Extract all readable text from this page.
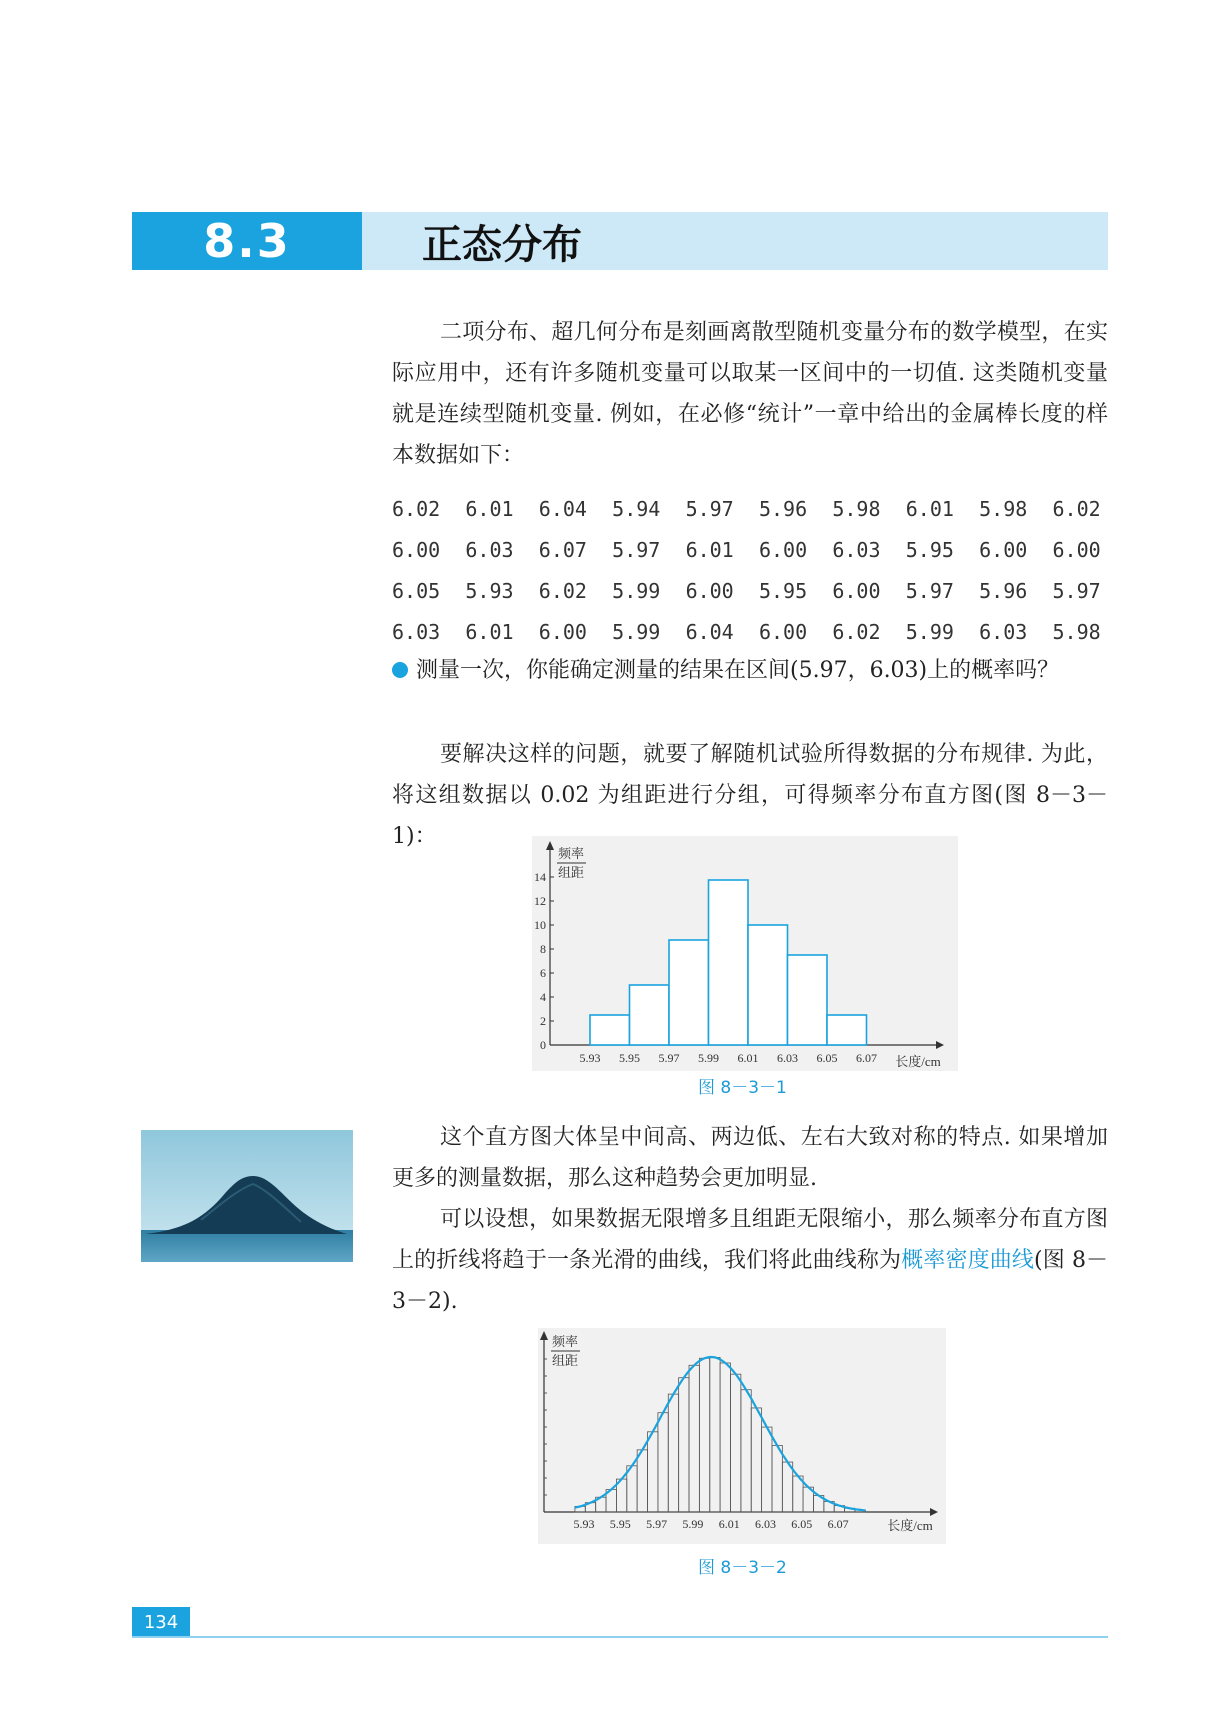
8.3	正态分布

二项分布、超几何分布是刻画离散型随机变量分布的数学模型，在实际应用中，还有许多随机变量可以取某一区间中的一切值. 这类随机变量就是连续型随机变量. 例如，在必修“统计”一章中给出的金属棒长度的样本数据如下：

6.02	6.01	6.04	5.94	5.97	5.96	5.98	6.01	5.98	6.02
6.00	6.03	6.07	5.97	6.01	6.00	6.03	5.95	6.00	6.00
6.05	5.93	6.02	5.99	6.00	5.95	6.00	5.97	5.96	5.97
6.03	6.01	6.00	5.99	6.04	6.00	6.02	5.99	6.03	5.98

测量一次，你能确定测量的结果在区间(5.97，6.03)上的概率吗？

要解决这样的问题，就要了解随机试验所得数据的分布规律. 为此，将这组数据以 0.02 为组距进行分组，可得频率分布直方图(图 8－3－1)：

0
2
4
6
8
10
12
14
频率
组距
5.93 5.95 5.97 5.99 6.01 6.03 6.05 6.07 长度/cm
图 8－3－1

这个直方图大体呈中间高、两边低、左右大致对称的特点. 如果增加更多的测量数据，那么这种趋势会更加明显.

可以设想，如果数据无限增多且组距无限缩小，那么频率分布直方图上的折线将趋于一条光滑的曲线，我们将此曲线称为概率密度曲线(图 8－3－2).

频率
组距
5.93 5.95 5.97 5.99 6.01 6.03 6.05 6.07	长度/cm
图 8－3－2
134
